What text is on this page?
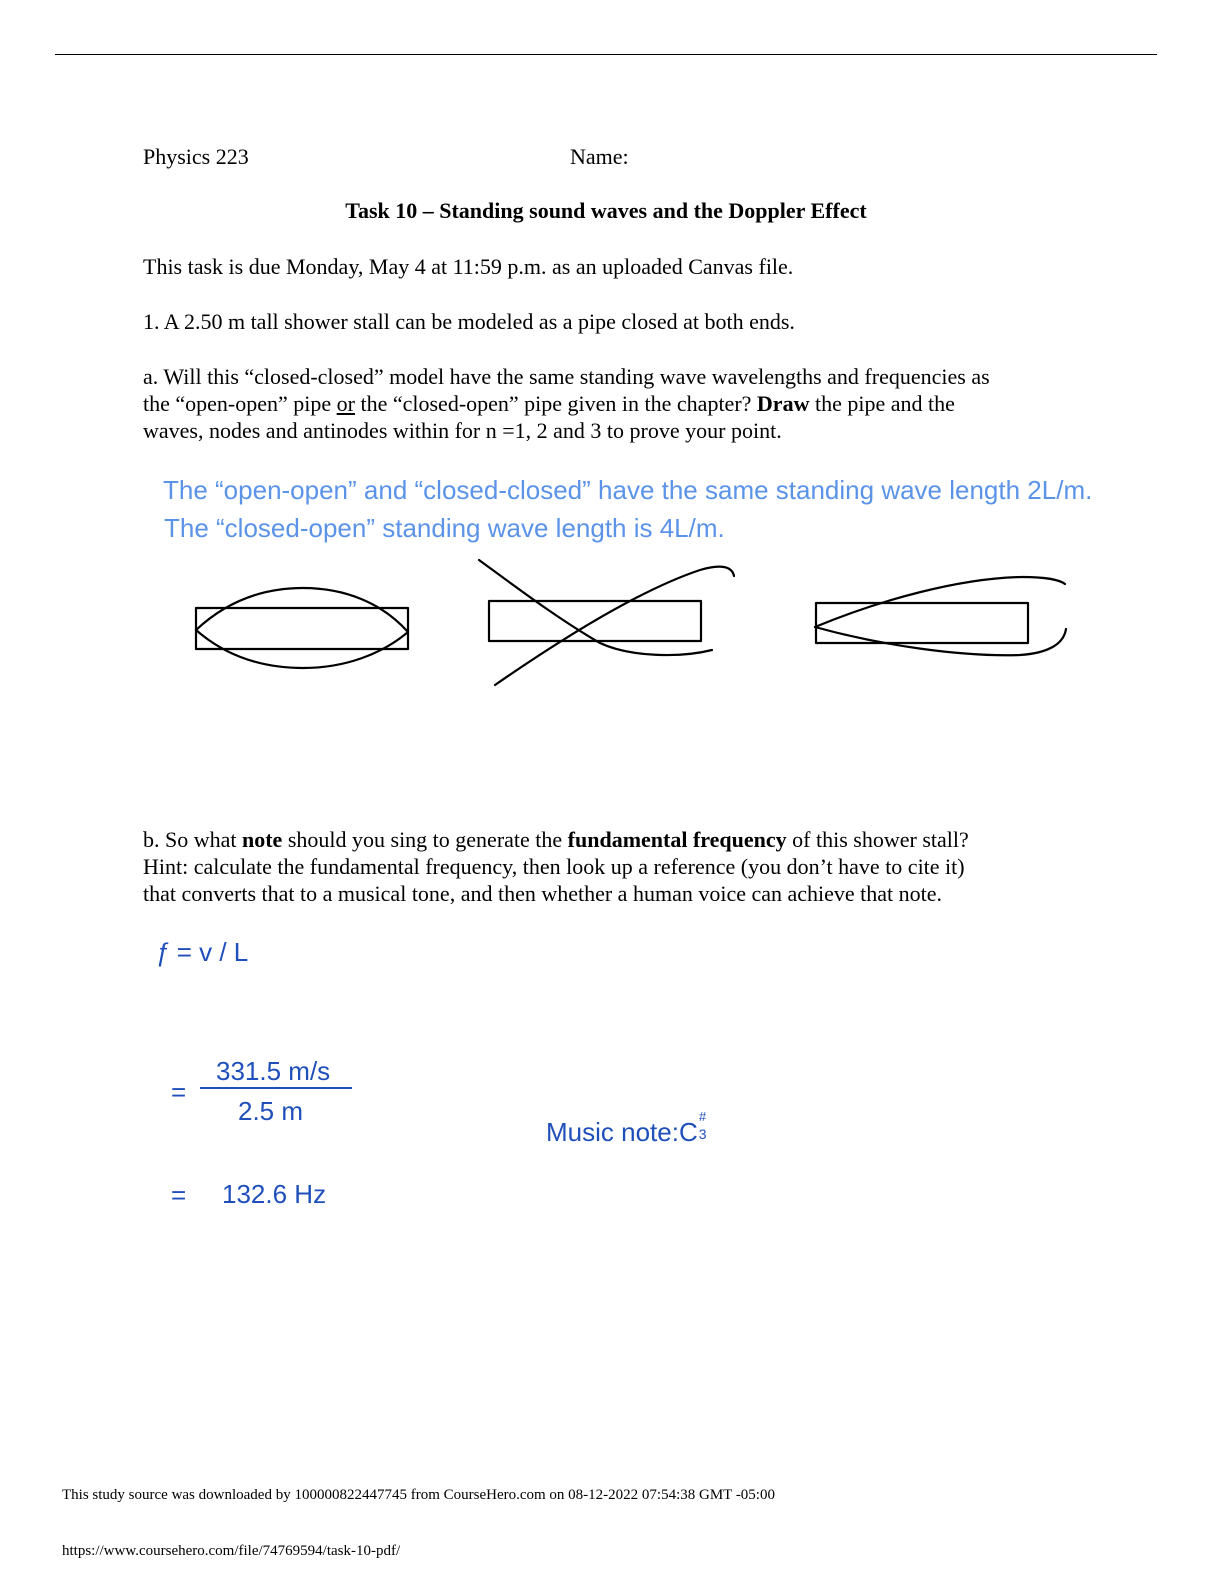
Physics 223	Name:
Task 10 – Standing sound waves and the Doppler Effect
This task is due Monday, May 4 at 11:59 p.m. as an uploaded Canvas file.
1. A 2.50 m tall shower stall can be modeled as a pipe closed at both ends.
a. Will this “closed-closed” model have the same standing wave wavelengths and frequencies as
the “open-open” pipe or the “closed-open” pipe given in the chapter? Draw the pipe and the
waves, nodes and antinodes within for n =1, 2 and 3 to prove your point.
The “open-open” and “closed-closed” have the same standing wave length 2L/m.
The “closed-open” standing wave length is 4L/m.
b. So what note should you sing to generate the fundamental frequency of this shower stall?
Hint: calculate the fundamental frequency, then look up a reference (you don’t have to cite it)
that converts that to a musical tone, and then whether a human voice can achieve that note.
ƒ = v / L
=
331.5 m/s
2.5 m
= 132.6 Hz
Music note:C
#
3
This study source was downloaded by 100000822447745 from CourseHero.com on 08-12-2022 07:54:38 GMT -05:00
https://www.coursehero.com/file/74769594/task-10-pdf/
